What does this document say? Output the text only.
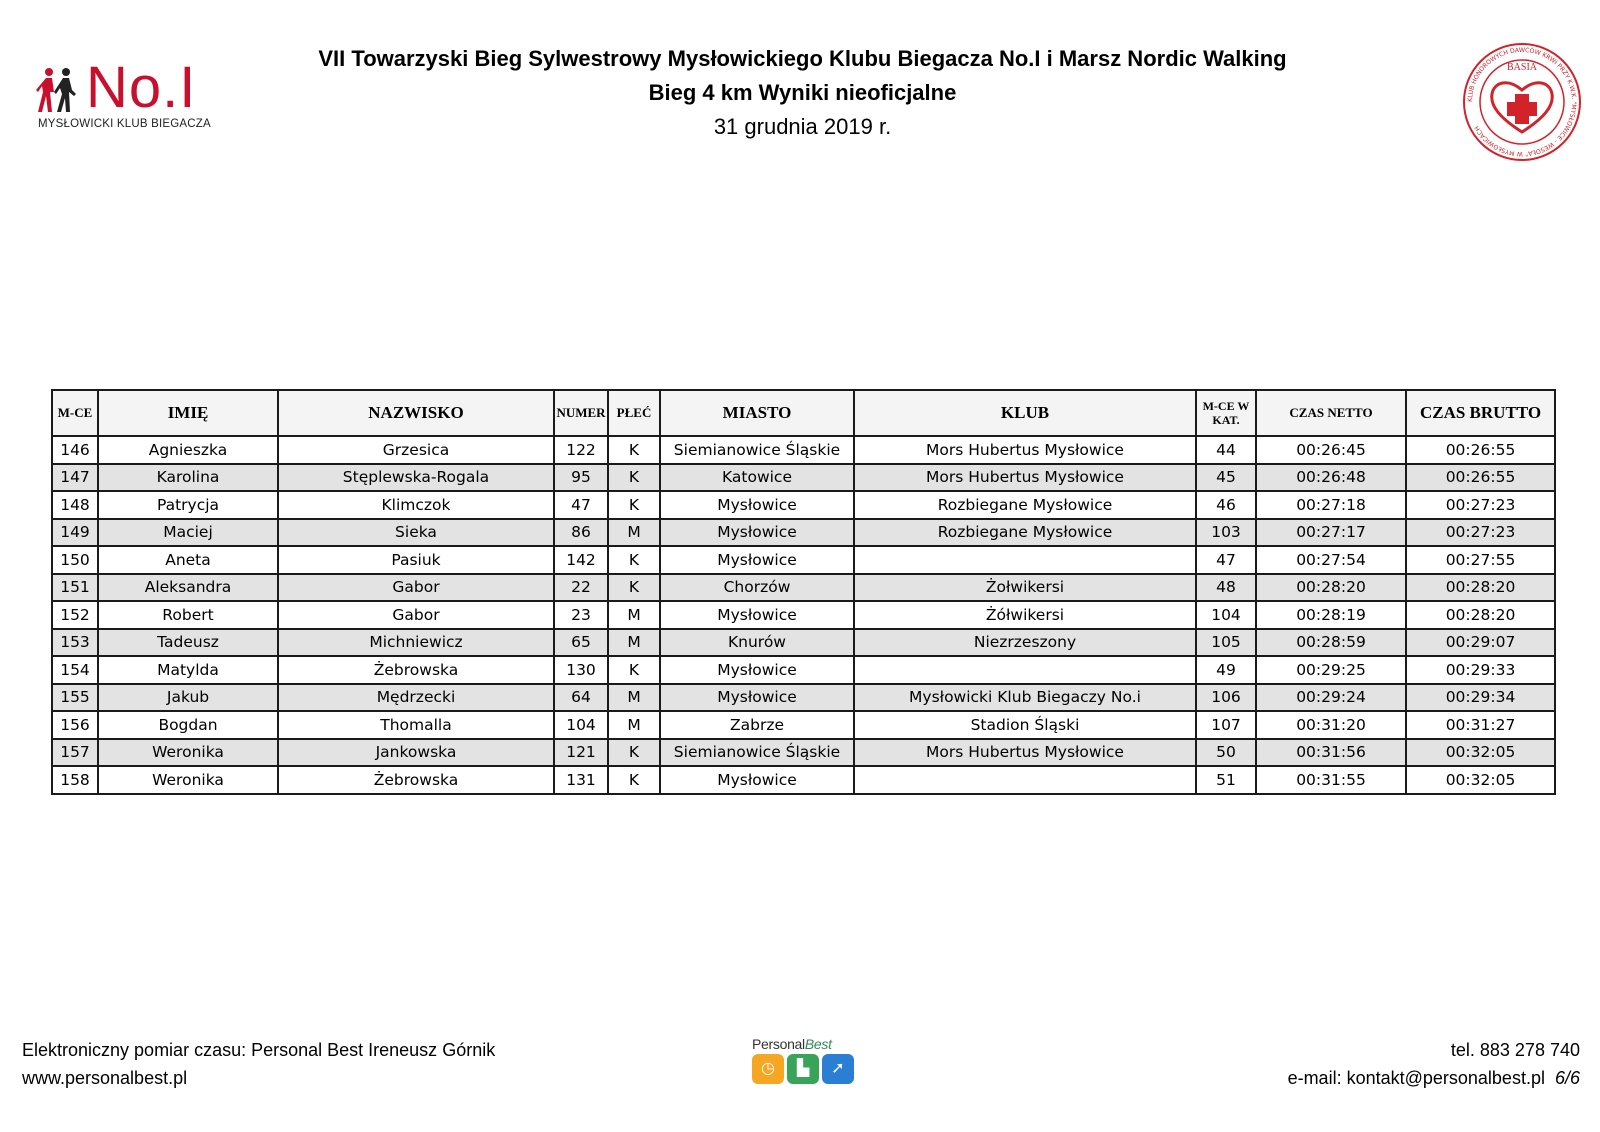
No.I
MYSŁOWICKI KLUB BIEGACZA
VII Towarzyski Bieg Sylwestrowy Mysłowickiego Klubu Biegacza No.I i Marsz Nordic Walking
Bieg 4 km Wyniki nieoficjalne
31 grudnia 2019 r.
KLUB HONOROWYCH DAWCÓW KRWI PRZY K.W.K. "MYSŁOWICE - WESOŁA" W MYSŁOWICACH
BASIA
M-CE	IMIĘ	NAZWISKO	NUMER	PŁEĆ	MIASTO	KLUB	M-CE W KAT.	CZAS NETTO	CZAS BRUTTO
146	Agnieszka	Grzesica	122	K	Siemianowice Śląskie	Mors Hubertus Mysłowice	44	00:26:45	00:26:55
147	Karolina	Stęplewska-Rogala	95	K	Katowice	Mors Hubertus Mysłowice	45	00:26:48	00:26:55
148	Patrycja	Klimczok	47	K	Mysłowice	Rozbiegane Mysłowice	46	00:27:18	00:27:23
149	Maciej	Sieka	86	M	Mysłowice	Rozbiegane Mysłowice	103	00:27:17	00:27:23
150	Aneta	Pasiuk	142	K	Mysłowice		47	00:27:54	00:27:55
151	Aleksandra	Gabor	22	K	Chorzów	Żołwikersi	48	00:28:20	00:28:20
152	Robert	Gabor	23	M	Mysłowice	Żółwikersi	104	00:28:19	00:28:20
153	Tadeusz	Michniewicz	65	M	Knurów	Niezrzeszony	105	00:28:59	00:29:07
154	Matylda	Żebrowska	130	K	Mysłowice		49	00:29:25	00:29:33
155	Jakub	Mędrzecki	64	M	Mysłowice	Mysłowicki Klub Biegaczy No.i	106	00:29:24	00:29:34
156	Bogdan	Thomalla	104	M	Zabrze	Stadion Śląski	107	00:31:20	00:31:27
157	Weronika	Jankowska	121	K	Siemianowice Śląskie	Mors Hubertus Mysłowice	50	00:31:56	00:32:05
158	Weronika	Żebrowska	131	K	Mysłowice		51	00:31:55	00:32:05
Elektroniczny pomiar czasu: Personal Best Ireneusz Górnik
www.personalbest.pl
PersonalBest
◷	▙	➚
tel. 883 278 740
e-mail: kontakt@personalbest.pl 6/6
